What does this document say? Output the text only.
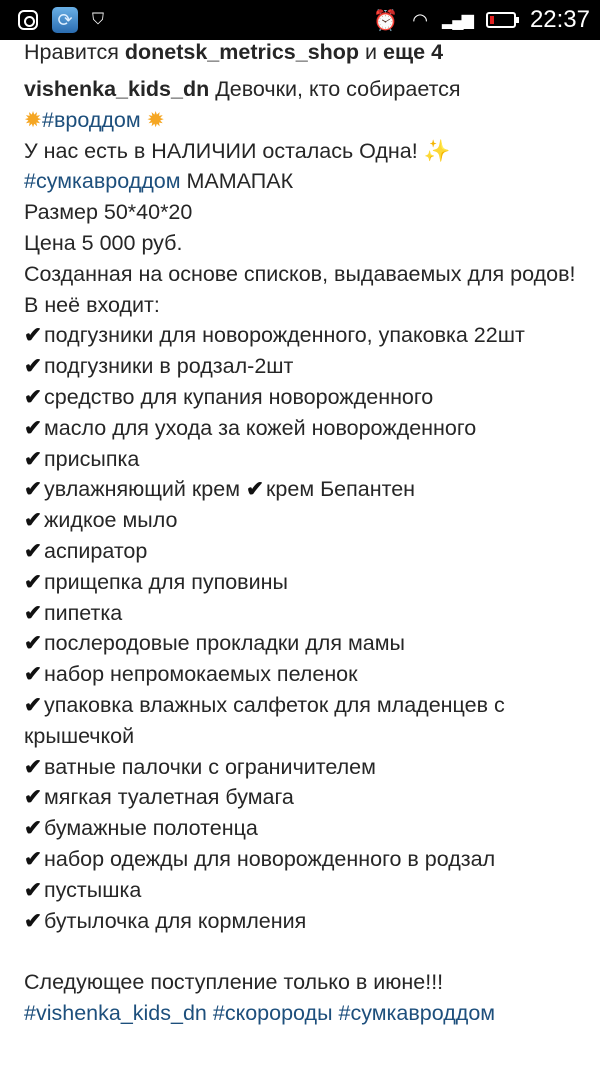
⟳	⛉	⏰ ◠ ▂▄▆ 22:37
Нравится donetsk_metrics_shop и еще 4
vishenka_kids_dn Девочки, кто собирается
✹#вроддом ✹
У нас есть в НАЛИЧИИ осталась Одна! ✨
#сумкавроддом МАМАПАК
Размер 50*40*20
Цена 5 000 руб.
Созданная на основе списков, выдаваемых для родов! В неё входит:
✔подгузники для новорожденного, упаковка 22шт
✔подгузники в родзал-2шт
✔средство для купания новорожденного
✔масло для ухода за кожей новорожденного
✔присыпка
✔увлажняющий крем ✔крем Бепантен
✔жидкое мыло
✔аспиратор
✔прищепка для пуповины
✔пипетка
✔послеродовые прокладки для мамы
✔набор непромокаемых пеленок
✔упаковка влажных салфеток для младенцев с крышечкой
✔ватные палочки с ограничителем
✔мягкая туалетная бумага
✔бумажные полотенца
✔набор одежды для новорожденного в родзал
✔пустышка
✔бутылочка для кормления
Следующее поступление только в июне!!!
#vishenka_kids_dn #скоророды #сумкавроддом
